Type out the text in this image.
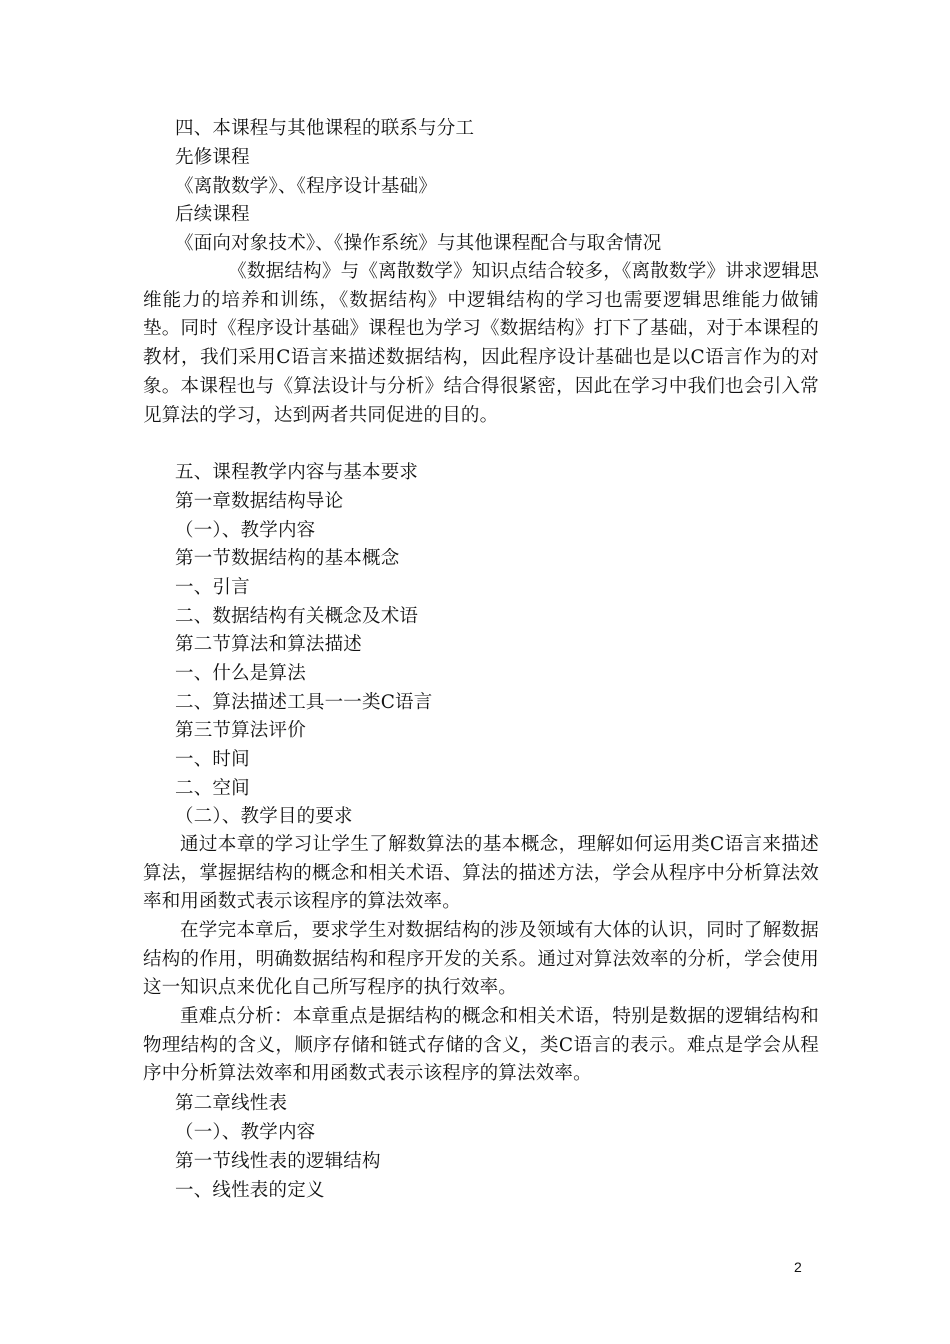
四、本课程与其他课程的联系与分工
先修课程
《离散数学》、《程序设计基础》
后续课程
《面向对象技术》、《操作系统》与其他课程配合与取舍情况

《数据结构》与《离散数学》知识点结合较多，《离散数学》讲求逻辑思维能力的培养和训练，《数据结构》中逻辑结构的学习也需要逻辑思维能力做铺垫。同时《程序设计基础》课程也为学习《数据结构》打下了基础，对于本课程的教材，我们采用C语言来描述数据结构，因此程序设计基础也是以C语言作为的对象。本课程也与《算法设计与分析》结合得很紧密，因此在学习中我们也会引入常见算法的学习，达到两者共同促进的目的。

五、课程教学内容与基本要求
第一章数据结构导论
（一）、教学内容
第一节数据结构的基本概念
一、引言
二、数据结构有关概念及术语
第二节算法和算法描述
一、什么是算法
二、算法描述工具一一类C语言
第三节算法评价
一、时间
二、空间
（二）、教学目的要求

通过本章的学习让学生了解数算法的基本概念，理解如何运用类C语言来描述算法，掌握据结构的概念和相关术语、算法的描述方法，学会从程序中分析算法效率和用函数式表示该程序的算法效率。

在学完本章后，要求学生对数据结构的涉及领域有大体的认识，同时了解数据结构的作用，明确数据结构和程序开发的关系。通过对算法效率的分析，学会使用这一知识点来优化自己所写程序的执行效率。

重难点分析：本章重点是据结构的概念和相关术语，特别是数据的逻辑结构和物理结构的含义，顺序存储和链式存储的含义，类C语言的表示。难点是学会从程序中分析算法效率和用函数式表示该程序的算法效率。

第二章线性表
（一）、教学内容
第一节线性表的逻辑结构
一、线性表的定义
2
